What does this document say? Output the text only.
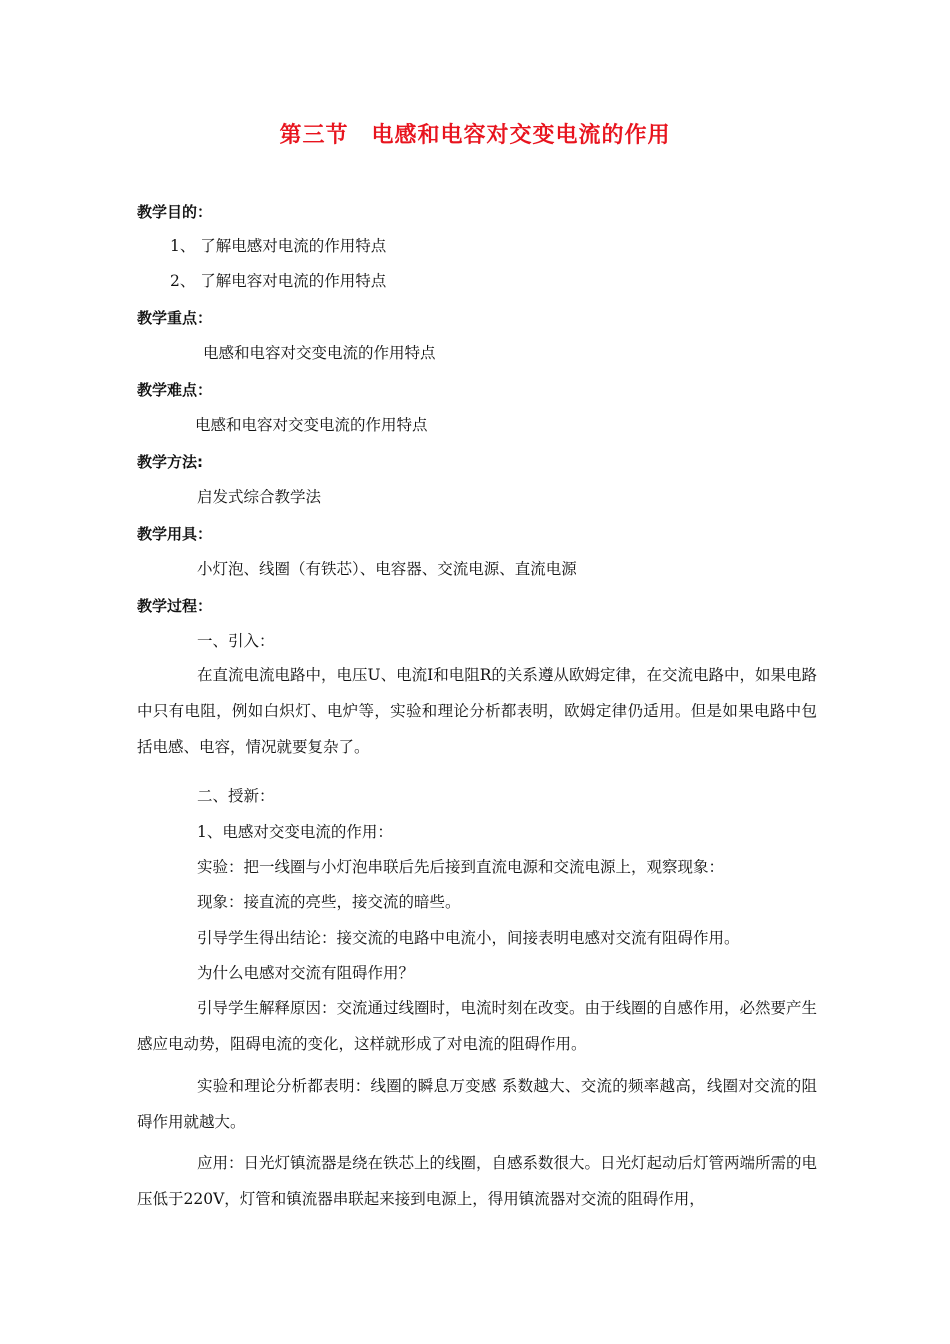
第三节　电感和电容对交变电流的作用
教学目的：
1、 了解电感对电流的作用特点
2、 了解电容对电流的作用特点
教学重点：
电感和电容对交变电流的作用特点
教学难点：
电感和电容对交变电流的作用特点
教学方法:
启发式综合教学法
教学用具：
小灯泡、线圈（有铁芯）、电容器、交流电源、直流电源
教学过程：
一、引入：
在直流电流电路中，电压U、电流I和电阻R的关系遵从欧姆定律，在交流电路中，如果电路中只有电阻，例如白炽灯、电炉等，实验和理论分析都表明，欧姆定律仍适用。但是如果电路中包括电感、电容，情况就要复杂了。
二、授新：
1、电感对交变电流的作用：
实验：把一线圈与小灯泡串联后先后接到直流电源和交流电源上，观察现象：
现象：接直流的亮些，接交流的暗些。
引导学生得出结论：接交流的电路中电流小，间接表明电感对交流有阻碍作用。
为什么电感对交流有阻碍作用？
引导学生解释原因：交流通过线圈时，电流时刻在改变。由于线圈的自感作用，必然要产生感应电动势，阻碍电流的变化，这样就形成了对电流的阻碍作用。
实验和理论分析都表明：线圈的瞬息万变感 系数越大、交流的频率越高，线圈对交流的阻碍作用就越大。
应用：日光灯镇流器是绕在铁芯上的线圈，自感系数很大。日光灯起动后灯管两端所需的电压低于220V，灯管和镇流器串联起来接到电源上，得用镇流器对交流的阻碍作用，
